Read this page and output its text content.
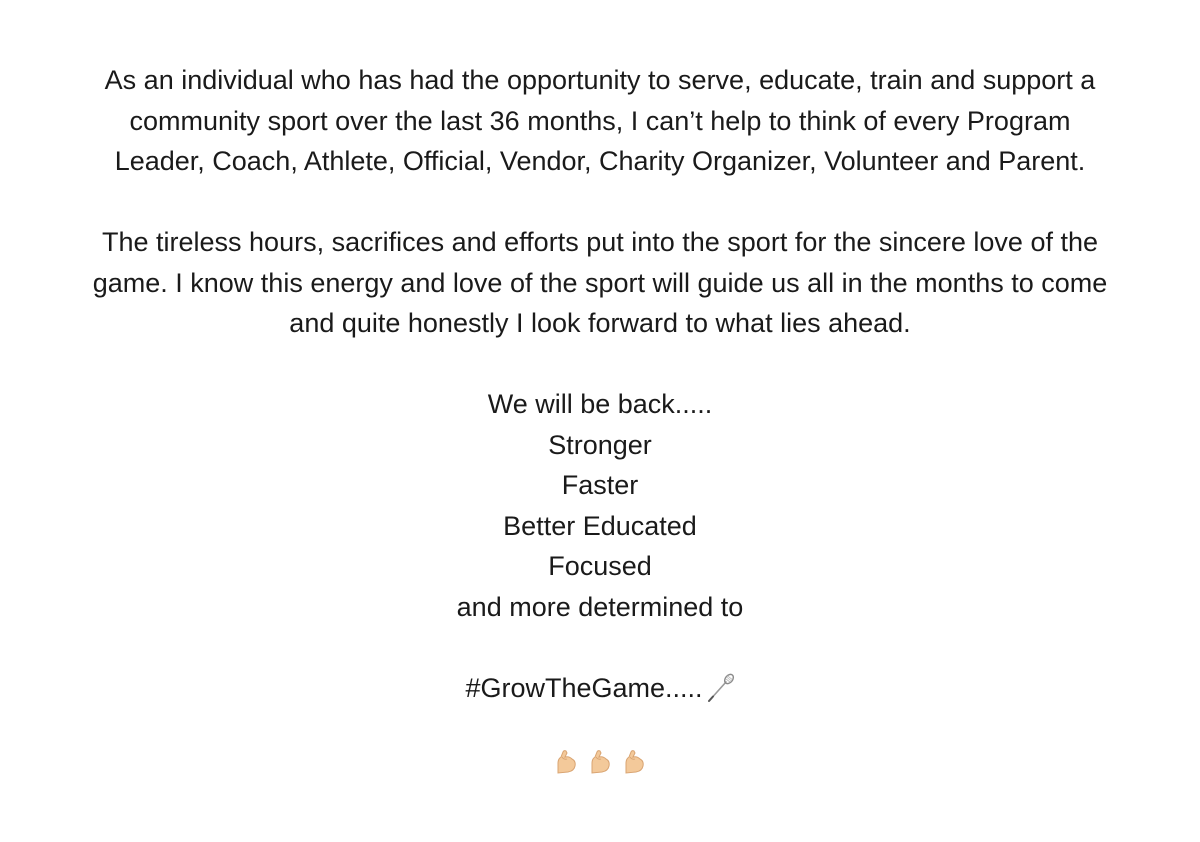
As an individual who has had the opportunity to serve, educate, train and support a
community sport over the last 36 months, I can’t help to think of every Program
Leader, Coach, Athlete, Official, Vendor, Charity Organizer, Volunteer and Parent.
The tireless hours, sacrifices and efforts put into the sport for the sincere love of the
game. I know this energy and love of the sport will guide us all in the months to come
and quite honestly I look forward to what lies ahead.
We will be back.....
Stronger
Faster
Better Educated
Focused
and more determined to
#GrowTheGame.....
